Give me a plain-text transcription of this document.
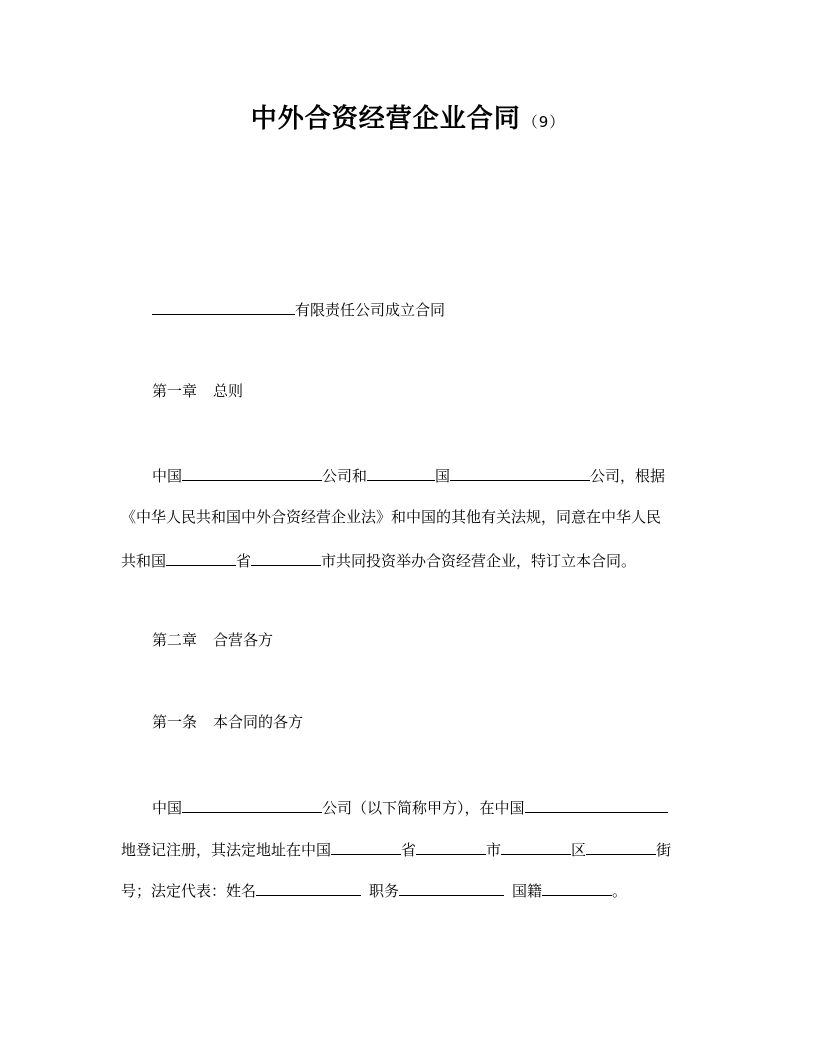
中外合资经营企业合同 （9）
有限责任公司成立合同
第一章 总则
中国	公司和	国	公司，根据
《中华人民共和国中外合资经营企业法》和中国的其他有关法规，同意在中华人民
共和国	省	市共同投资举办合资经营企业，特订立本合同。
第二章 合营各方
第一条 本合同的各方
中国	公司（以下简称甲方），在中国
地登记注册，其法定地址在中国	省	市	区	街
号；法定代表：姓名	职务	国籍	。
